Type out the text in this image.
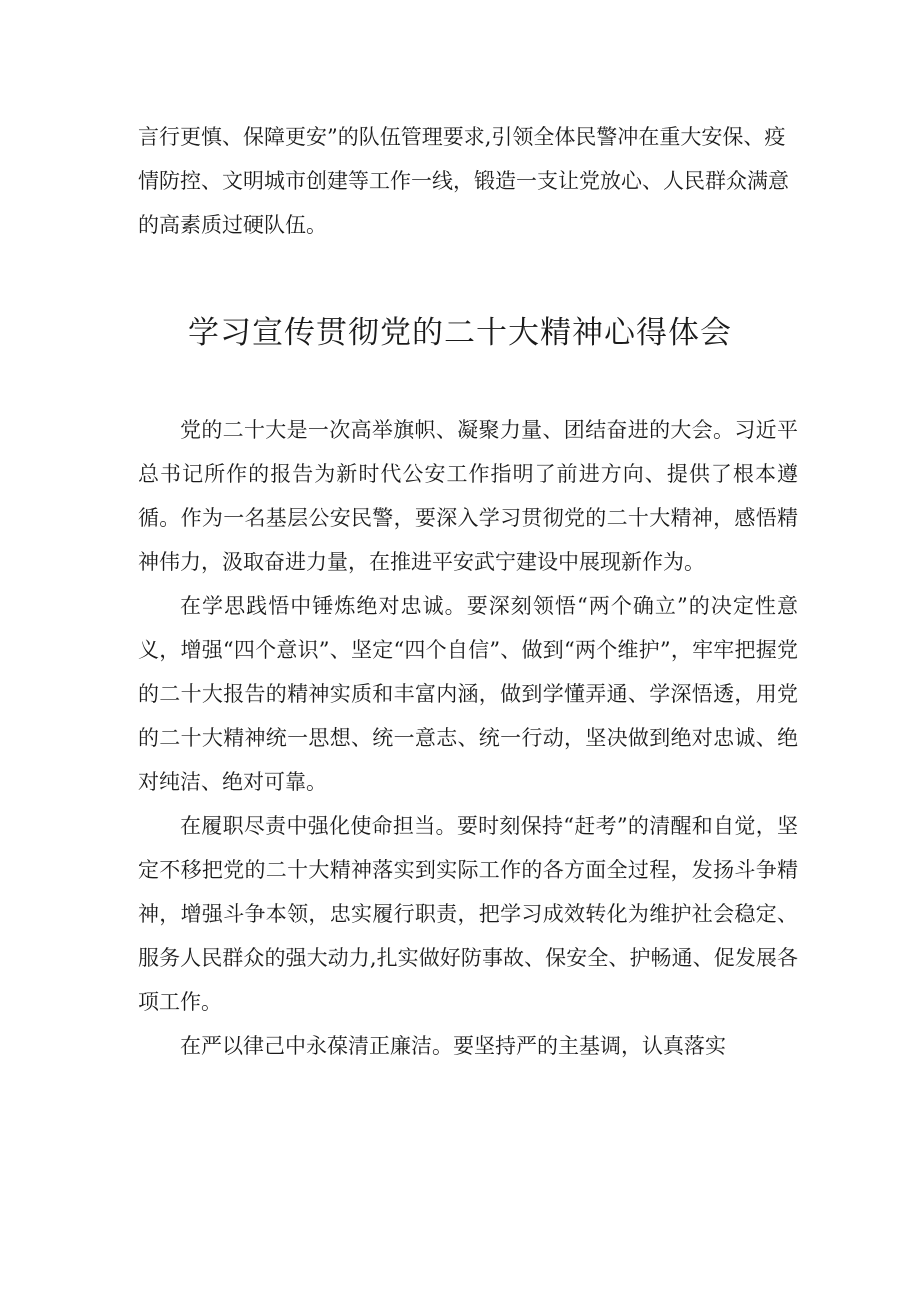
言行更慎、保障更安”的队伍管理要求,引领全体民警冲在重大安保、疫情防控、文明城市创建等工作一线，锻造一支让党放心、人民群众满意的高素质过硬队伍。

学习宣传贯彻党的二十大精神心得体会

党的二十大是一次高举旗帜、凝聚力量、团结奋进的大会。习近平总书记所作的报告为新时代公安工作指明了前进方向、提供了根本遵循。作为一名基层公安民警，要深入学习贯彻党的二十大精神，感悟精神伟力，汲取奋进力量，在推进平安武宁建设中展现新作为。

在学思践悟中锤炼绝对忠诚。要深刻领悟“两个确立”的决定性意义，增强“四个意识”、坚定“四个自信”、做到“两个维护”，牢牢把握党的二十大报告的精神实质和丰富内涵，做到学懂弄通、学深悟透，用党的二十大精神统一思想、统一意志、统一行动，坚决做到绝对忠诚、绝对纯洁、绝对可靠。

在履职尽责中强化使命担当。要时刻保持“赶考”的清醒和自觉，坚定不移把党的二十大精神落实到实际工作的各方面全过程，发扬斗争精神，增强斗争本领，忠实履行职责，把学习成效转化为维护社会稳定、服务人民群众的强大动力,扎实做好防事故、保安全、护畅通、促发展各项工作。

在严以律己中永葆清正廉洁。要坚持严的主基调，认真落实
